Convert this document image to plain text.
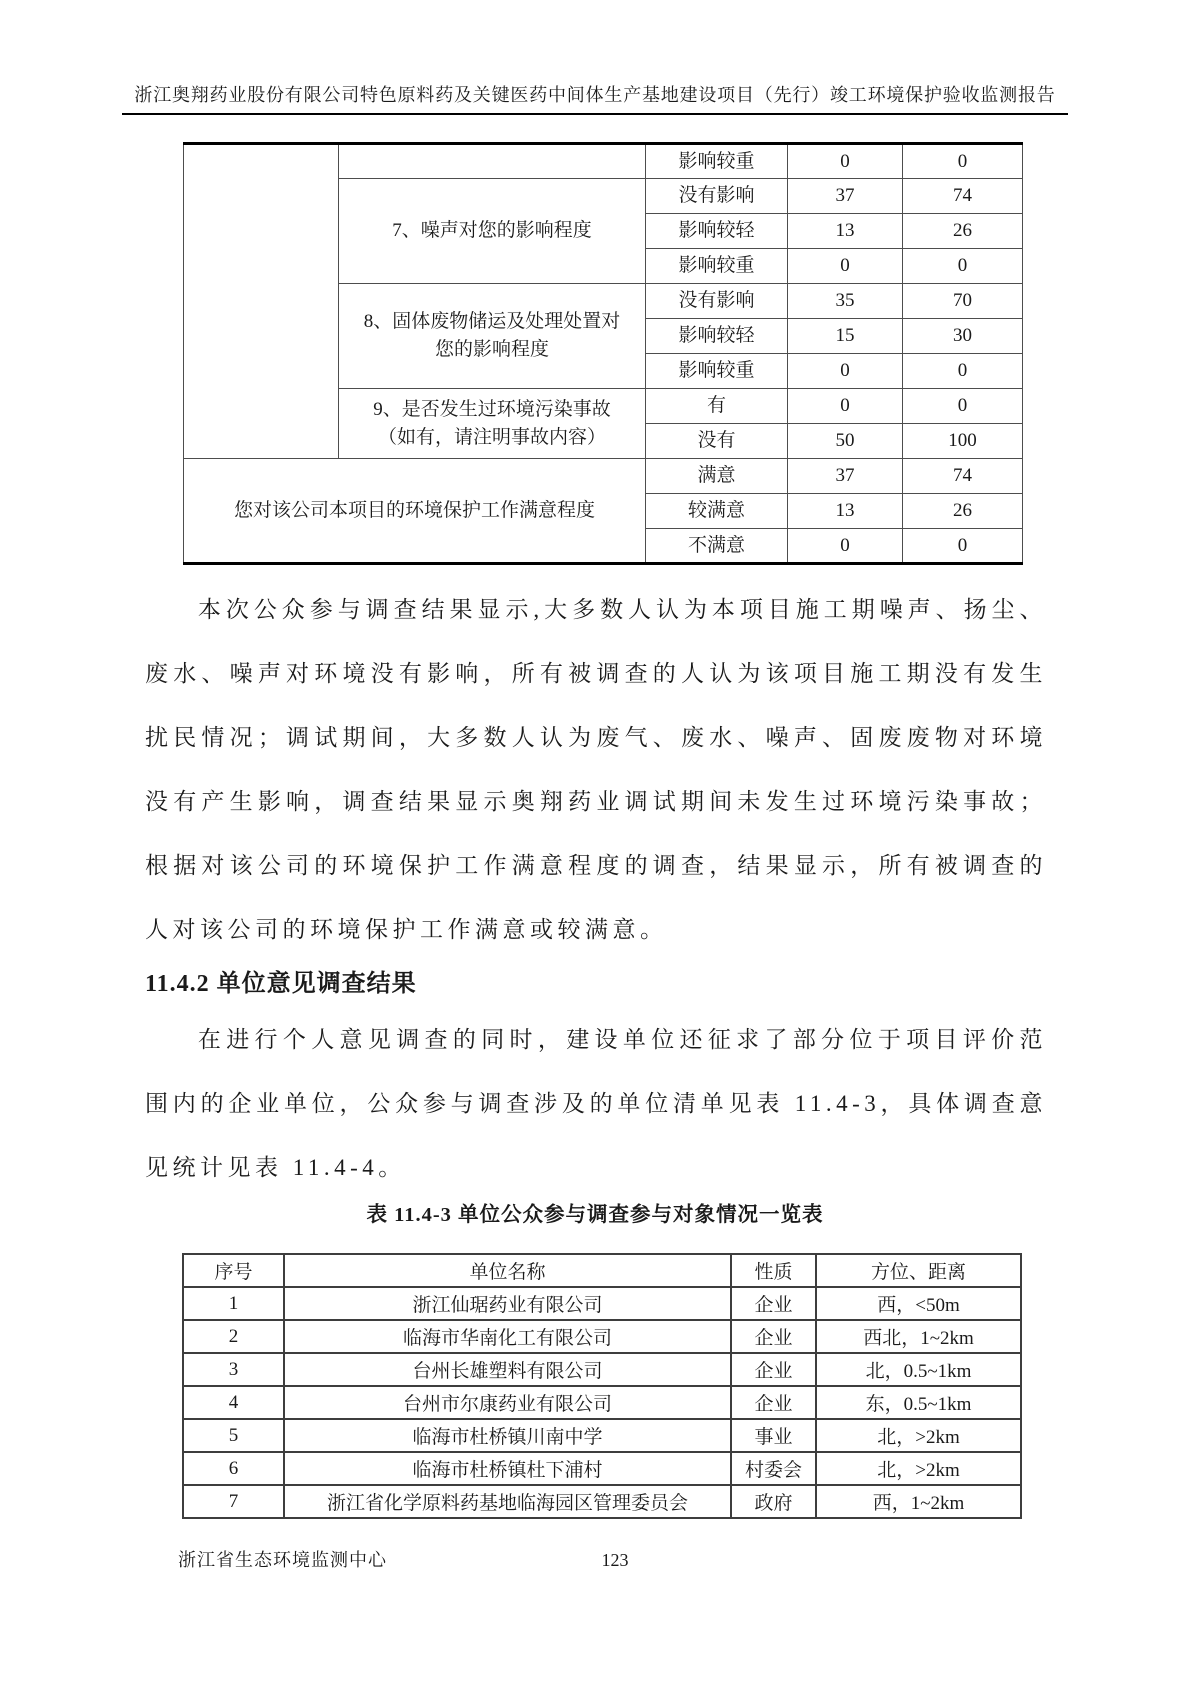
浙江奥翔药业股份有限公司特色原料药及关键医药中间体生产基地建设项目（先行）竣工环境保护验收监测报告
		影响较重	0	0

	7、噪声对您的影响程度	没有影响	37	74
		影响较轻	13	26
		影响较重	0	0

	8、固体废物储运及处理处置对
您的影响程度	没有影响	35	70
		影响较轻	15	30
		影响较重	0	0

	9、是否发生过环境污染事故
（如有，请注明事故内容）	有	0	0
		没有	50	100
您对该公司本项目的环境保护工作满意程度		满意	37	74
		较满意	13	26
		不满意	0	0

本次公众参与调查结果显示,大多数人认为本项目施工期噪声、扬尘、废水、噪声对环境没有影响，所有被调查的人认为该项目施工期没有发生扰民情况；调试期间，大多数人认为废气、废水、噪声、固废废物对环境没有产生影响，调查结果显示奥翔药业调试期间未发生过环境污染事故；根据对该公司的环境保护工作满意程度的调查，结果显示，所有被调查的人对该公司的环境保护工作满意或较满意。

11.4.2 单位意见调查结果

在进行个人意见调查的同时，建设单位还征求了部分位于项目评价范围内的企业单位，公众参与调查涉及的单位清单见表 11.4-3，具体调查意见统计见表 11.4-4。

表 11.4-3 单位公众参与调查参与对象情况一览表
序号	单位名称	性质	方位、距离
1	浙江仙琚药业有限公司	企业	西，<50m
2	临海市华南化工有限公司	企业	西北，1~2km
3	台州长雄塑料有限公司	企业	北，0.5~1km
4	台州市尔康药业有限公司	企业	东，0.5~1km
5	临海市杜桥镇川南中学	事业	北，>2km
6	临海市杜桥镇杜下浦村	村委会	北，>2km
7	浙江省化学原料药基地临海园区管理委员会	政府	西，1~2km
浙江省生态环境监测中心	123
